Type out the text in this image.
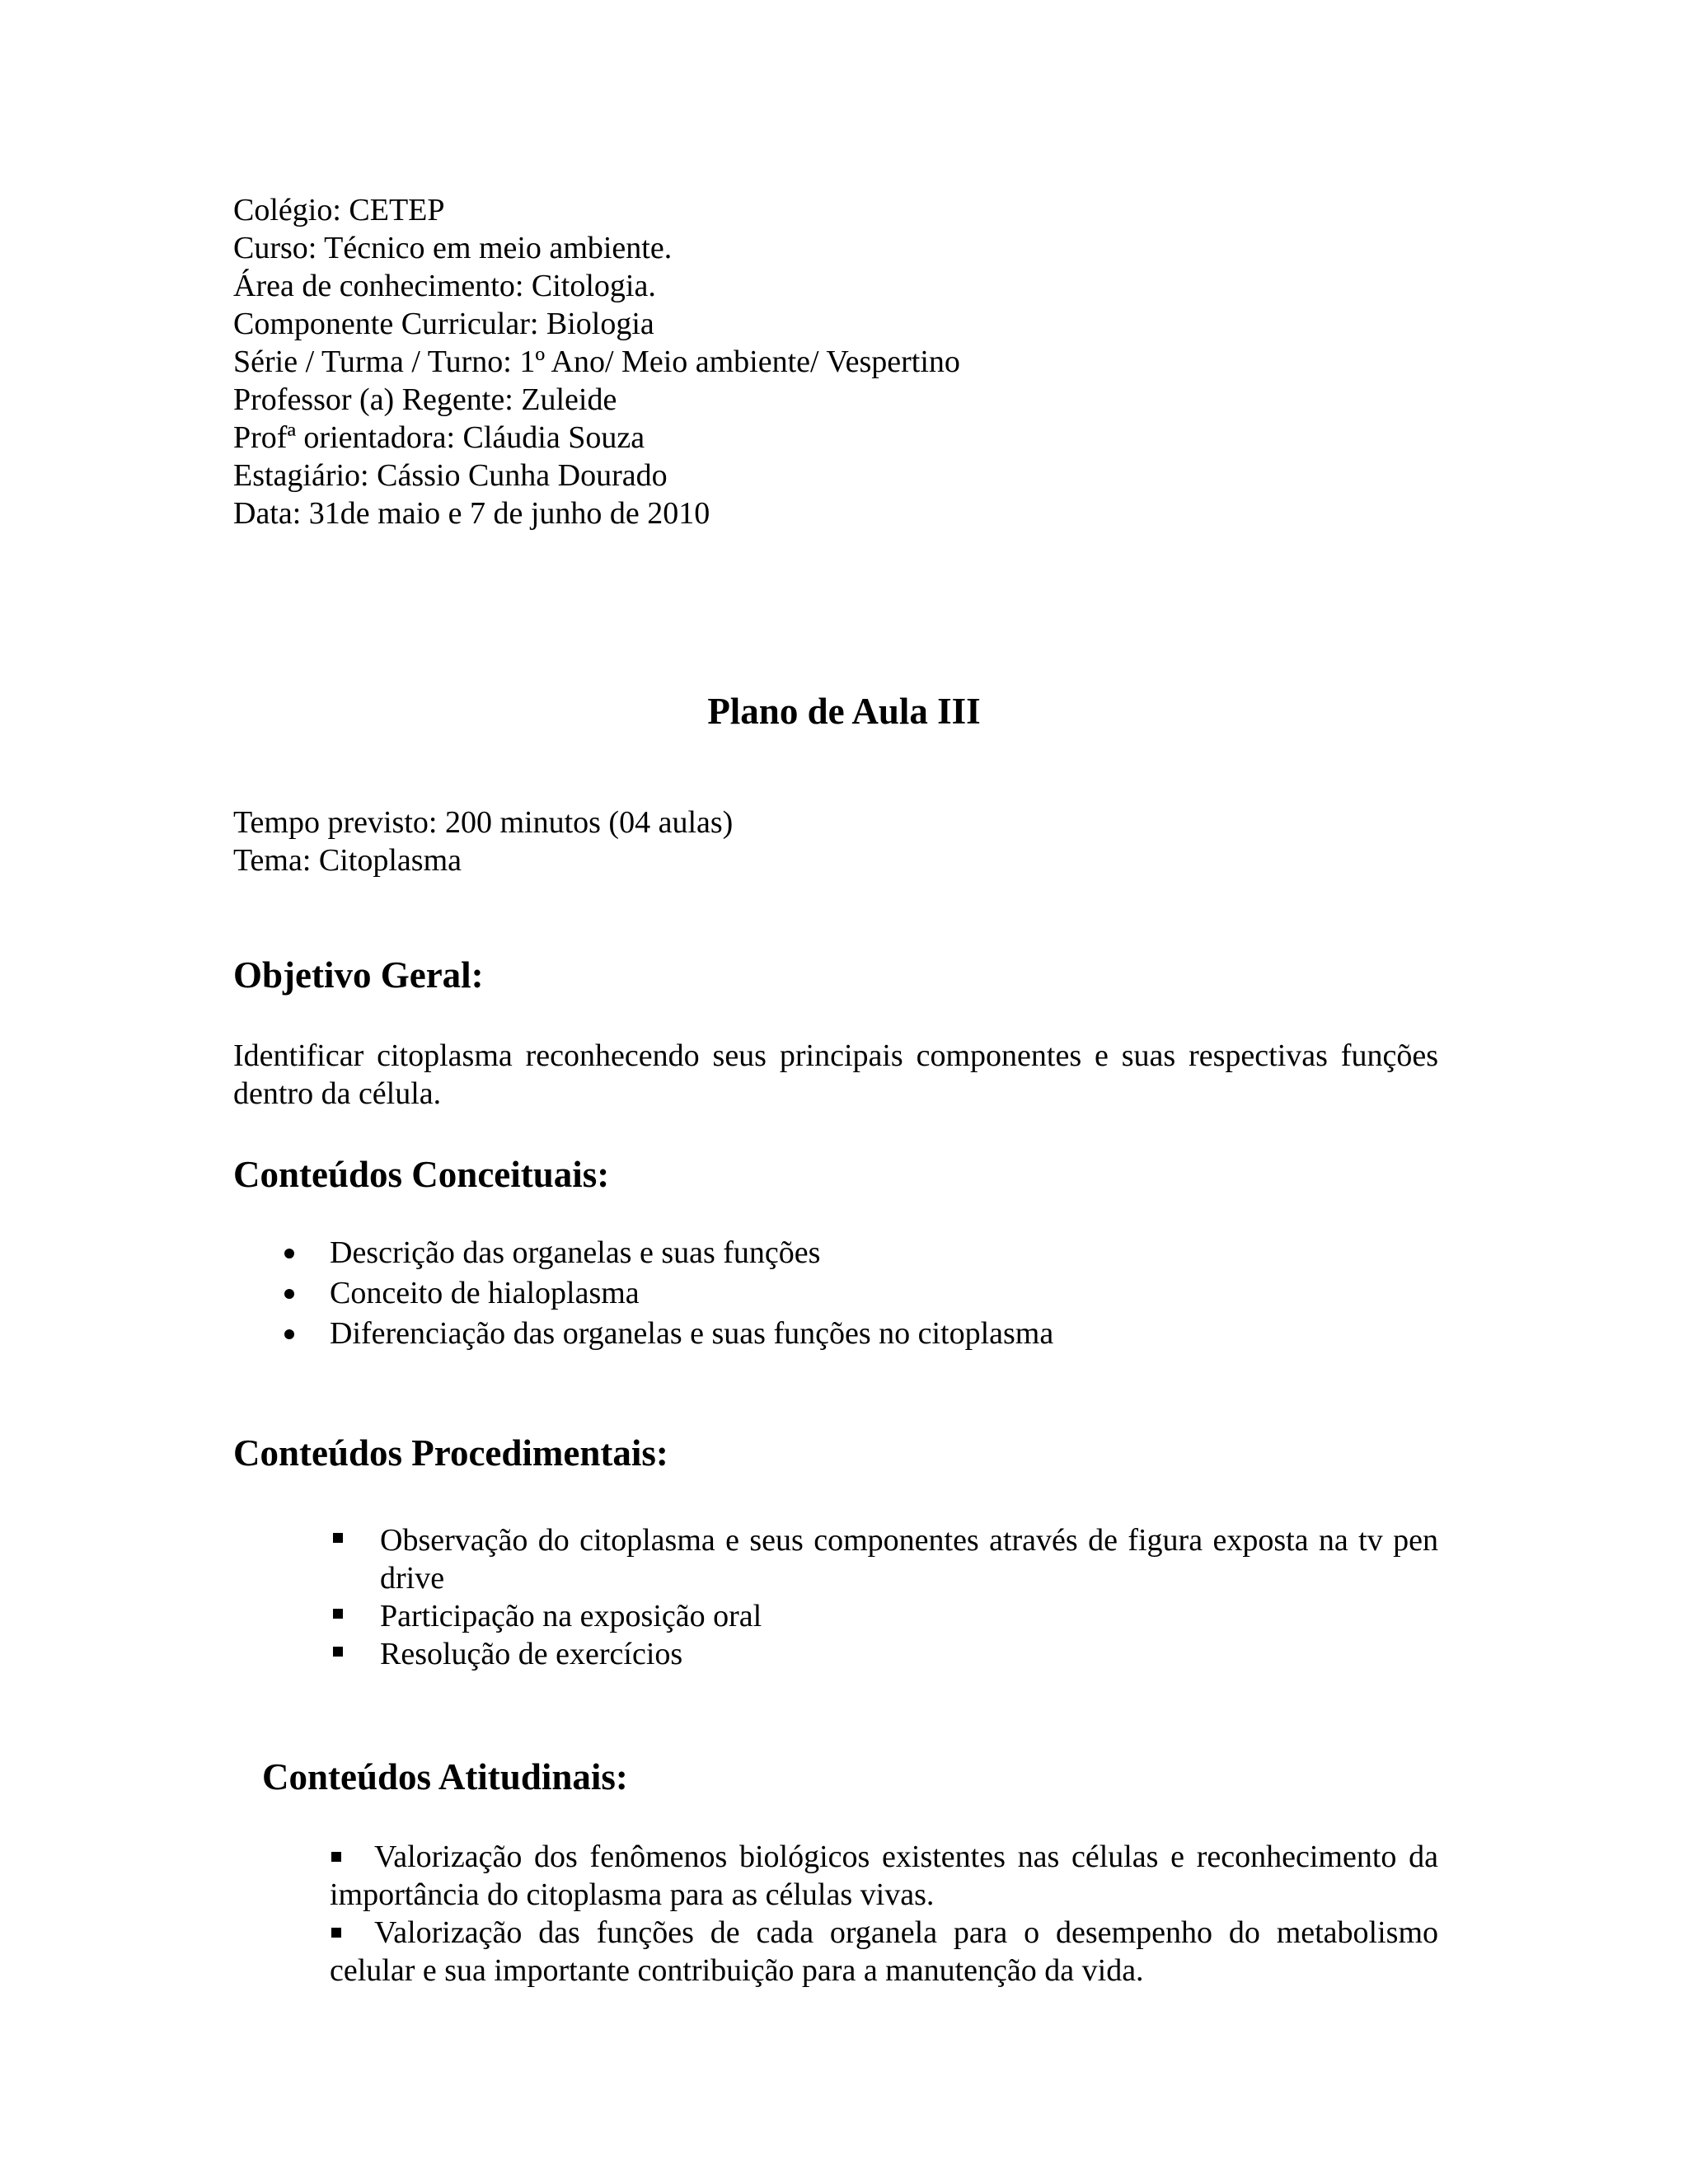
Colégio: CETEP
Curso: Técnico em meio ambiente.
Área de conhecimento: Citologia.
Componente Curricular: Biologia
Série / Turma / Turno: 1º Ano/ Meio ambiente/ Vespertino
Professor (a) Regente: Zuleide
Profª orientadora: Cláudia Souza
Estagiário: Cássio Cunha Dourado
Data: 31de maio e 7 de junho de 2010
Plano de Aula III
Tempo previsto: 200 minutos (04 aulas)
Tema: Citoplasma
Objetivo Geral:
Identificar citoplasma reconhecendo seus principais componentes e suas respectivas funções dentro da célula.
Conteúdos Conceituais:
Descrição das organelas e suas funções
Conceito de hialoplasma
Diferenciação das organelas e suas funções no citoplasma
Conteúdos Procedimentais:
Observação do citoplasma e seus componentes através de figura exposta na tv pen drive
Participação na exposição oral
Resolução de exercícios
Conteúdos Atitudinais:
Valorização dos fenômenos biológicos existentes nas células e reconhecimento da importância do citoplasma para as células vivas.
Valorização das funções de cada organela para o desempenho do metabolismo celular e sua importante contribuição para a manutenção da vida.
